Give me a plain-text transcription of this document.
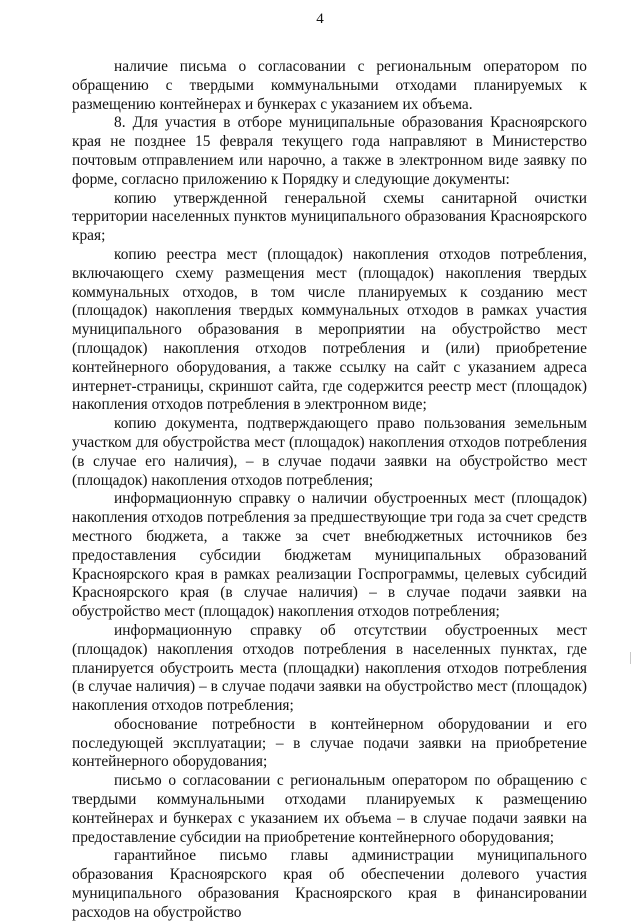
4

наличие письма о согласовании с региональным оператором по обращению с твердыми коммунальными отходами планируемых к размещению контейнерах и бункерах с указанием их объема.

8. Для участия в отборе муниципальные образования Красноярского края не позднее 15 февраля текущего года направляют в Министерство почтовым отправлением или нарочно, а также в электронном виде заявку по форме, согласно приложению к Порядку и следующие документы:

копию утвержденной генеральной схемы санитарной очистки территории населенных пунктов муниципального образования Красноярского края;

копию реестра мест (площадок) накопления отходов потребления, включающего схему размещения мест (площадок) накопления твердых коммунальных отходов, в том числе планируемых к созданию мест (площадок) накопления твердых коммунальных отходов в рамках участия муниципального образования в мероприятии на обустройство мест (площадок) накопления отходов потребления и (или) приобретение контейнерного оборудования, а также ссылку на сайт с указанием адреса интернет-страницы, скриншот сайта, где содержится реестр мест (площадок) накопления отходов потребления в электронном виде;

копию документа, подтверждающего право пользования земельным участком для обустройства мест (площадок) накопления отходов потребления (в случае его наличия), – в случае подачи заявки на обустройство мест (площадок) накопления отходов потребления;

информационную справку о наличии обустроенных мест (площадок) накопления отходов потребления за предшествующие три года за счет средств местного бюджета, а также за счет внебюджетных источников без предоставления субсидии бюджетам муниципальных образований Красноярского края в рамках реализации Госпрограммы, целевых субсидий Красноярского края (в случае наличия) – в случае подачи заявки на обустройство мест (площадок) накопления отходов потребления;

информационную справку об отсутствии обустроенных мест (площадок) накопления отходов потребления в населенных пунктах, где планируется обустроить места (площадки) накопления отходов потребления (в случае наличия) – в случае подачи заявки на обустройство мест (площадок) накопления отходов потребления;

обоснование потребности в контейнерном оборудовании и его последующей эксплуатации; – в случае подачи заявки на приобретение контейнерного оборудования;

письмо о согласовании с региональным оператором по обращению с твердыми коммунальными отходами планируемых к размещению контейнерах и бункерах с указанием их объема – в случае подачи заявки на предоставление субсидии на приобретение контейнерного оборудования;

гарантийное письмо главы администрации муниципального образования Красноярского края об обеспечении долевого участия муниципального образования Красноярского края в финансировании расходов на обустройство
